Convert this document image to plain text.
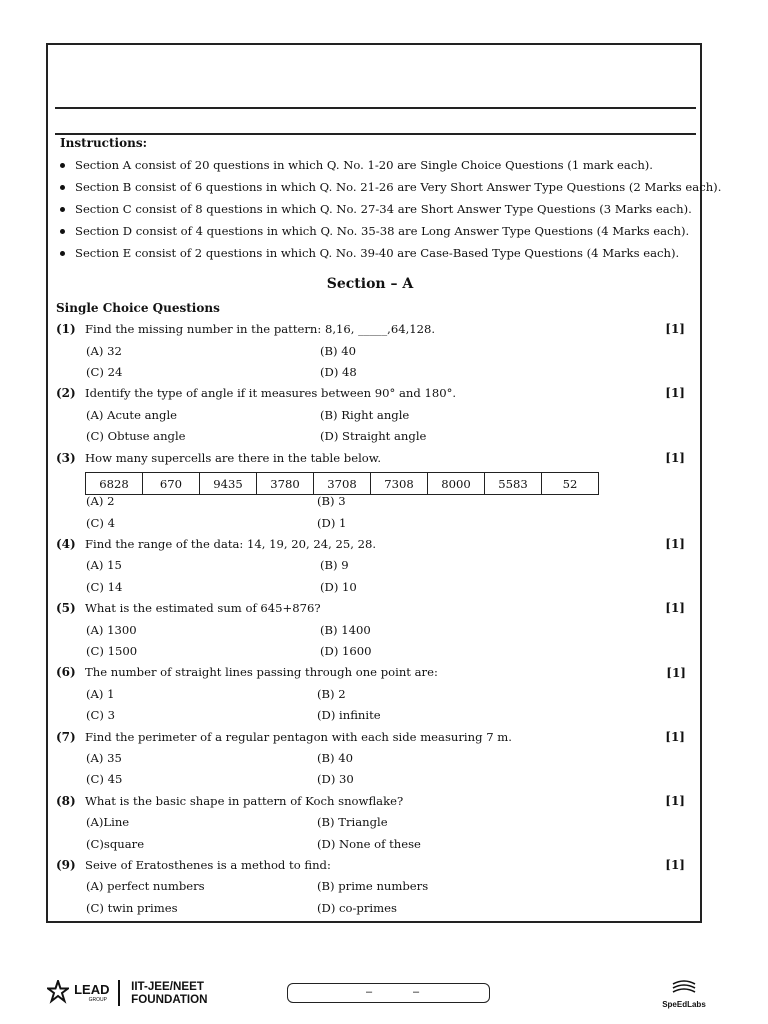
Instructions:
Section A consist of 20 questions in which Q. No. 1-20 are Single Choice Questions (1 mark each).
Section B consist of 6 questions in which Q. No. 21-26 are Very Short Answer Type Questions (2 Marks each).
Section C consist of 8 questions in which Q. No. 27-34 are Short Answer Type Questions (3 Marks each).
Section D consist of 4 questions in which Q. No. 35-38 are Long Answer Type Questions (4 Marks each).
Section E consist of 2 questions in which Q. No. 39-40 are Case-Based Type Questions (4 Marks each).
Section – A
Single Choice Questions
(1) Find the missing number in the pattern: 8,16, _____,64,128.	[1]
(A) 32	(B) 40
(C) 24	(D) 48
(2) Identify the type of angle if it measures between 90° and 180°.	[1]
(A) Acute angle	(B) Right angle
(C) Obtuse angle	(D) Straight angle
(3) How many supercells are there in the table below.	[1]
6828	670	9435	3780	3708	7308	8000	5583	52
(A) 2	(B) 3
(C) 4	(D) 1
(4) Find the range of the data: 14, 19, 20, 24, 25, 28.	[1]
(A) 15	(B) 9
(C) 14	(D) 10
(5) What is the estimated sum of 645+876?	[1]
(A) 1300	(B) 1400
(C) 1500	(D) 1600
(6) The number of straight lines passing through one point are:	[1]
(A) 1	(B) 2
(C) 3	(D) infinite
(7) Find the perimeter of a regular pentagon with each side measuring 7 m.	[1]
(A) 35	(B) 40
(C) 45	(D) 30
(8) What is the basic shape in pattern of Koch snowflake?	[1]
(A)Line	(B) Triangle
(C)square	(D) None of these
(9) Seive of Eratosthenes is a method to find:	[1]
(A) perfect numbers	(B) prime numbers
(C) twin primes	(D) co-primes
LEAD GROUP  IIT-JEE/NEET
FOUNDATION
–	–
SpeEdLabs
